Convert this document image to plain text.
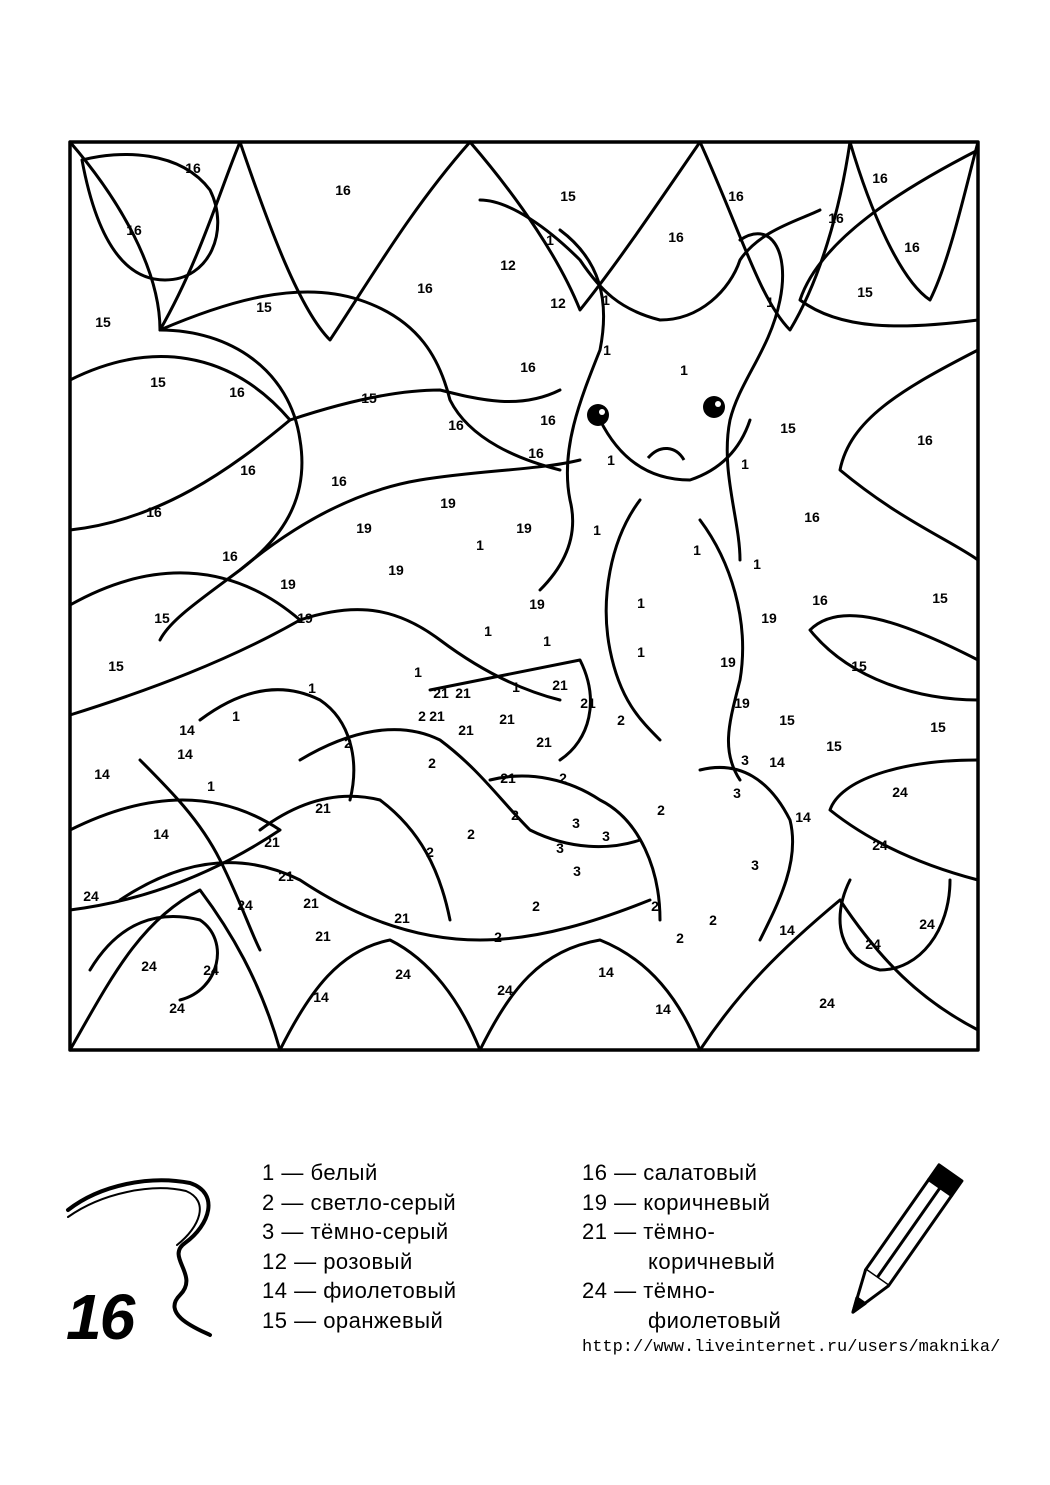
16
16	15	16
16
16
16
16
1
12
16
15
16
12	1	1
15
15
1
16	1
15
16	15
16	16	15
16
16	1	1
16
16
16
19
19	19	1
16
1	1
16
19	1
19
19	1	16	15
15	19	19
1
1
1
15	1
19	15
1	21 21	1 21
21	19
1	2 21
21
21	2	15	15
14
14
2	21	15
2	3 14
14	21	2
1	24
3
21	2	2
3	14
14	3
2
21	3	24
2
3
21	3
24
24	21	2	2
2
21	24
21	2	2	14
24
24	24	24	14
24
14	24
24	14
16
1 — белый
2 — светло-серый
3 — тёмно-серый
12 — розовый
14 — фиолетовый
15 — оранжевый
16 — салатовый
19 — коричневый
21 — тёмно-
коричневый
24 — тёмно-
фиолетовый
http://www.liveinternet.ru/users/maknika/
